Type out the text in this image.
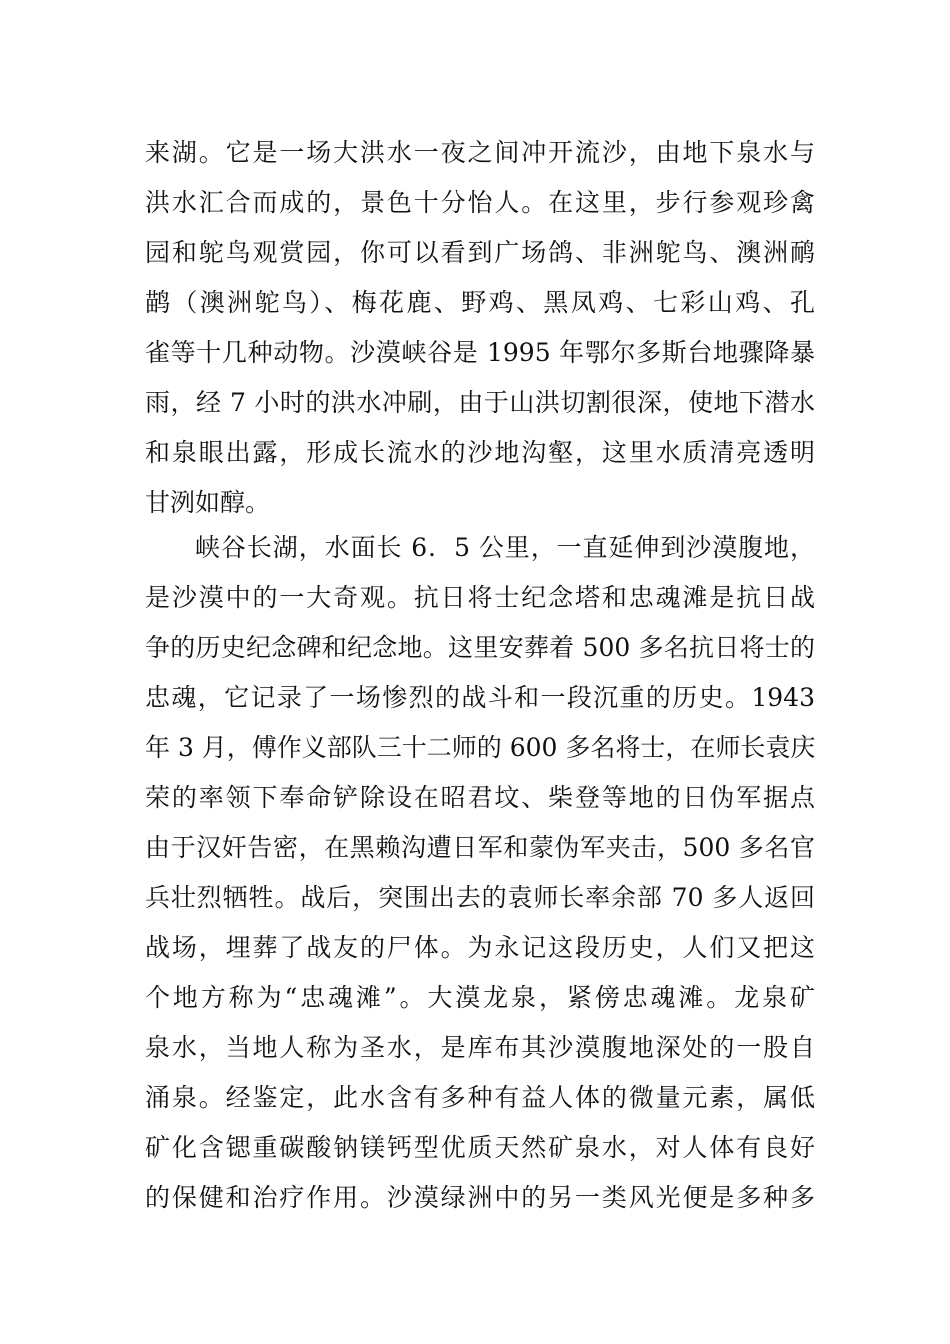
来湖。它是一场大洪水一夜之间冲开流沙，由地下泉水与
洪水汇合而成的，景色十分怡人。在这里，步行参观珍禽
园和鸵鸟观赏园，你可以看到广场鸽、非洲鸵鸟、澳洲鸸
鹋（澳洲鸵鸟）、梅花鹿、野鸡、黑凤鸡、七彩山鸡、孔
雀等十几种动物。沙漠峡谷是 1995 年鄂尔多斯台地骤降暴
雨，经 7 小时的洪水冲刷，由于山洪切割很深，使地下潜水
和泉眼出露，形成长流水的沙地沟壑，这里水质清亮透明
甘洌如醇。
峡谷长湖，水面长 6．5 公里，一直延伸到沙漠腹地，
是沙漠中的一大奇观。抗日将士纪念塔和忠魂滩是抗日战
争的历史纪念碑和纪念地。这里安葬着 500 多名抗日将士的
忠魂，它记录了一场惨烈的战斗和一段沉重的历史。1943
年 3 月，傅作义部队三十二师的 600 多名将士，在师长袁庆
荣的率领下奉命铲除设在昭君坟、柴登等地的日伪军据点
由于汉奸告密，在黑赖沟遭日军和蒙伪军夹击，500 多名官
兵壮烈牺牲。战后，突围出去的袁师长率余部 70 多人返回
战场，埋葬了战友的尸体。为永记这段历史，人们又把这
个地方称为“忠魂滩”。大漠龙泉，紧傍忠魂滩。龙泉矿
泉水，当地人称为圣水，是库布其沙漠腹地深处的一股自
涌泉。经鉴定，此水含有多种有益人体的微量元素，属低
矿化含锶重碳酸钠镁钙型优质天然矿泉水，对人体有良好
的保健和治疗作用。沙漠绿洲中的另一类风光便是多种多
